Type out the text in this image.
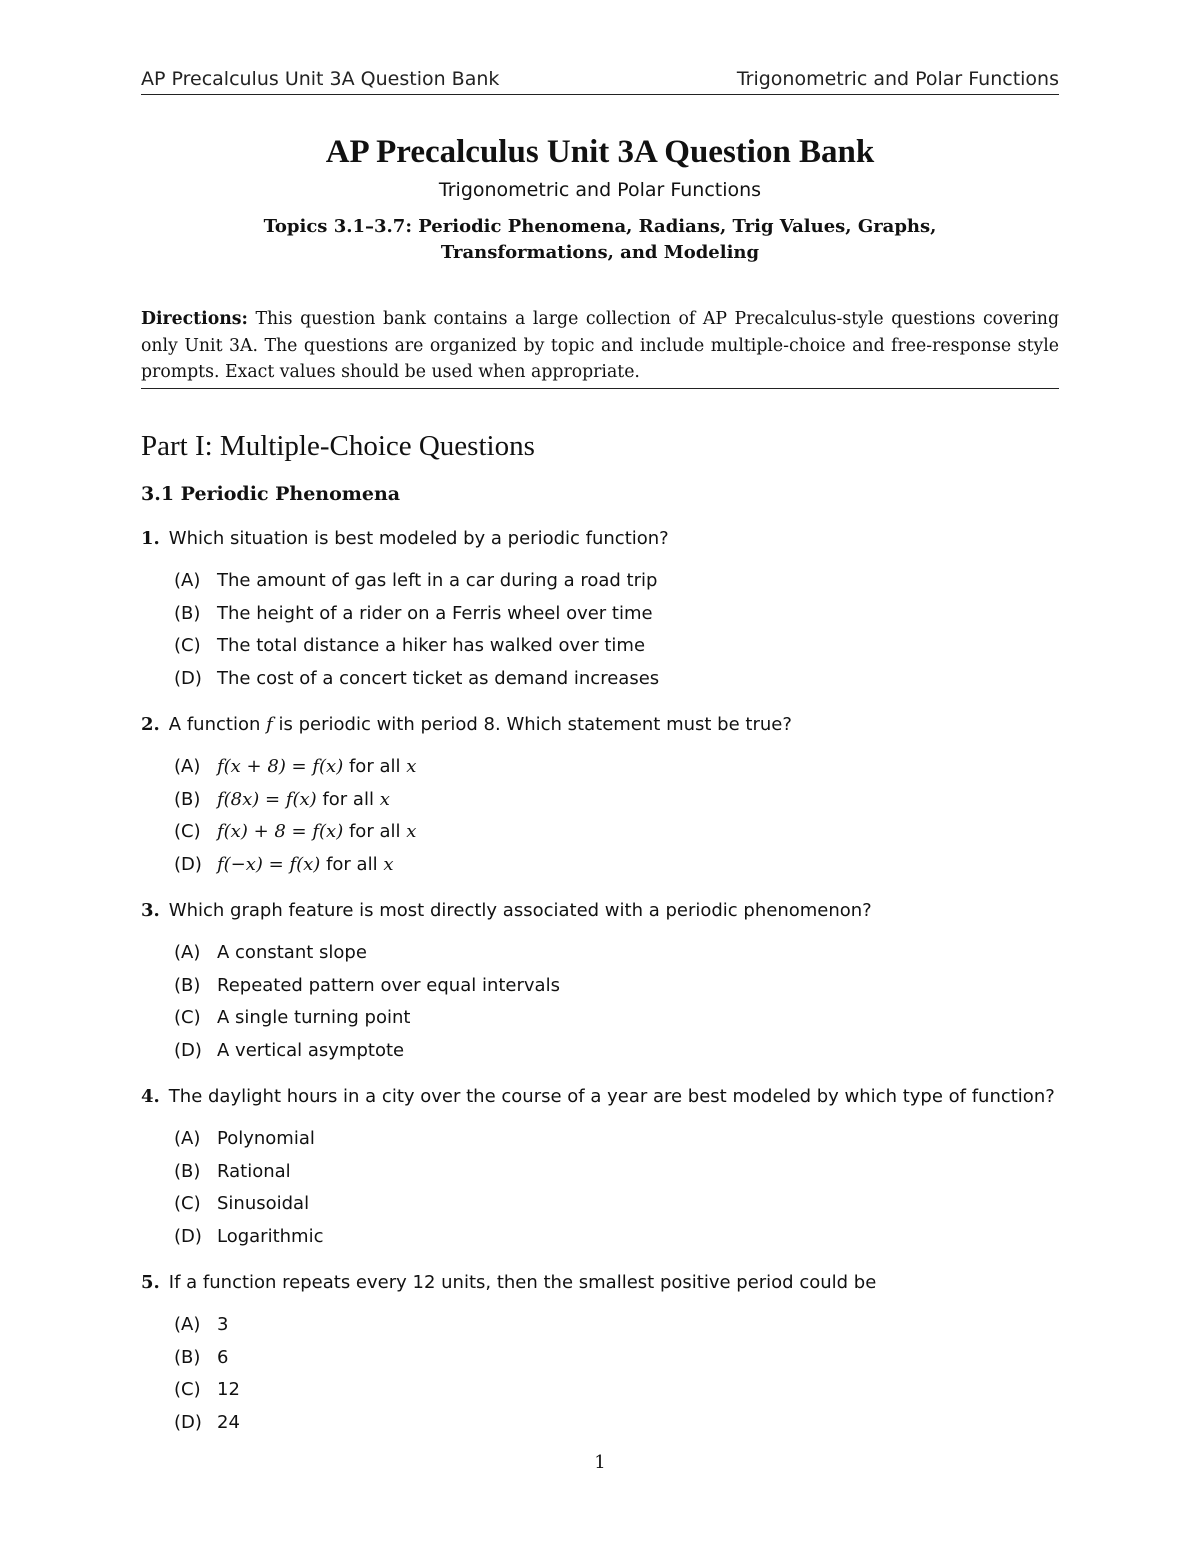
AP Precalculus Unit 3A Question Bank	Trigonometric and Polar Functions
AP Precalculus Unit 3A Question Bank
Trigonometric and Polar Functions
Topics 3.1–3.7: Periodic Phenomena, Radians, Trig Values, Graphs,
Transformations, and Modeling
Directions: This question bank contains a large collection of AP Precalculus-style questions covering only Unit 3A. The questions are organized by topic and include multiple-choice and free-response style prompts. Exact values should be used when appropriate.
Part I: Multiple-Choice Questions
3.1 Periodic Phenomena
1. Which situation is best modeled by a periodic function?
(A) The amount of gas left in a car during a road trip
(B) The height of a rider on a Ferris wheel over time
(C) The total distance a hiker has walked over time
(D) The cost of a concert ticket as demand increases
2. A function f is periodic with period 8. Which statement must be true?
(A) f(x + 8) = f(x) for all x
(B) f(8x) = f(x) for all x
(C) f(x) + 8 = f(x) for all x
(D) f(−x) = f(x) for all x
3. Which graph feature is most directly associated with a periodic phenomenon?
(A) A constant slope
(B) Repeated pattern over equal intervals
(C) A single turning point
(D) A vertical asymptote
4. The daylight hours in a city over the course of a year are best modeled by which type of function?
(A) Polynomial
(B) Rational
(C) Sinusoidal
(D) Logarithmic
5. If a function repeats every 12 units, then the smallest positive period could be
(A) 3
(B) 6
(C) 12
(D) 24
1
